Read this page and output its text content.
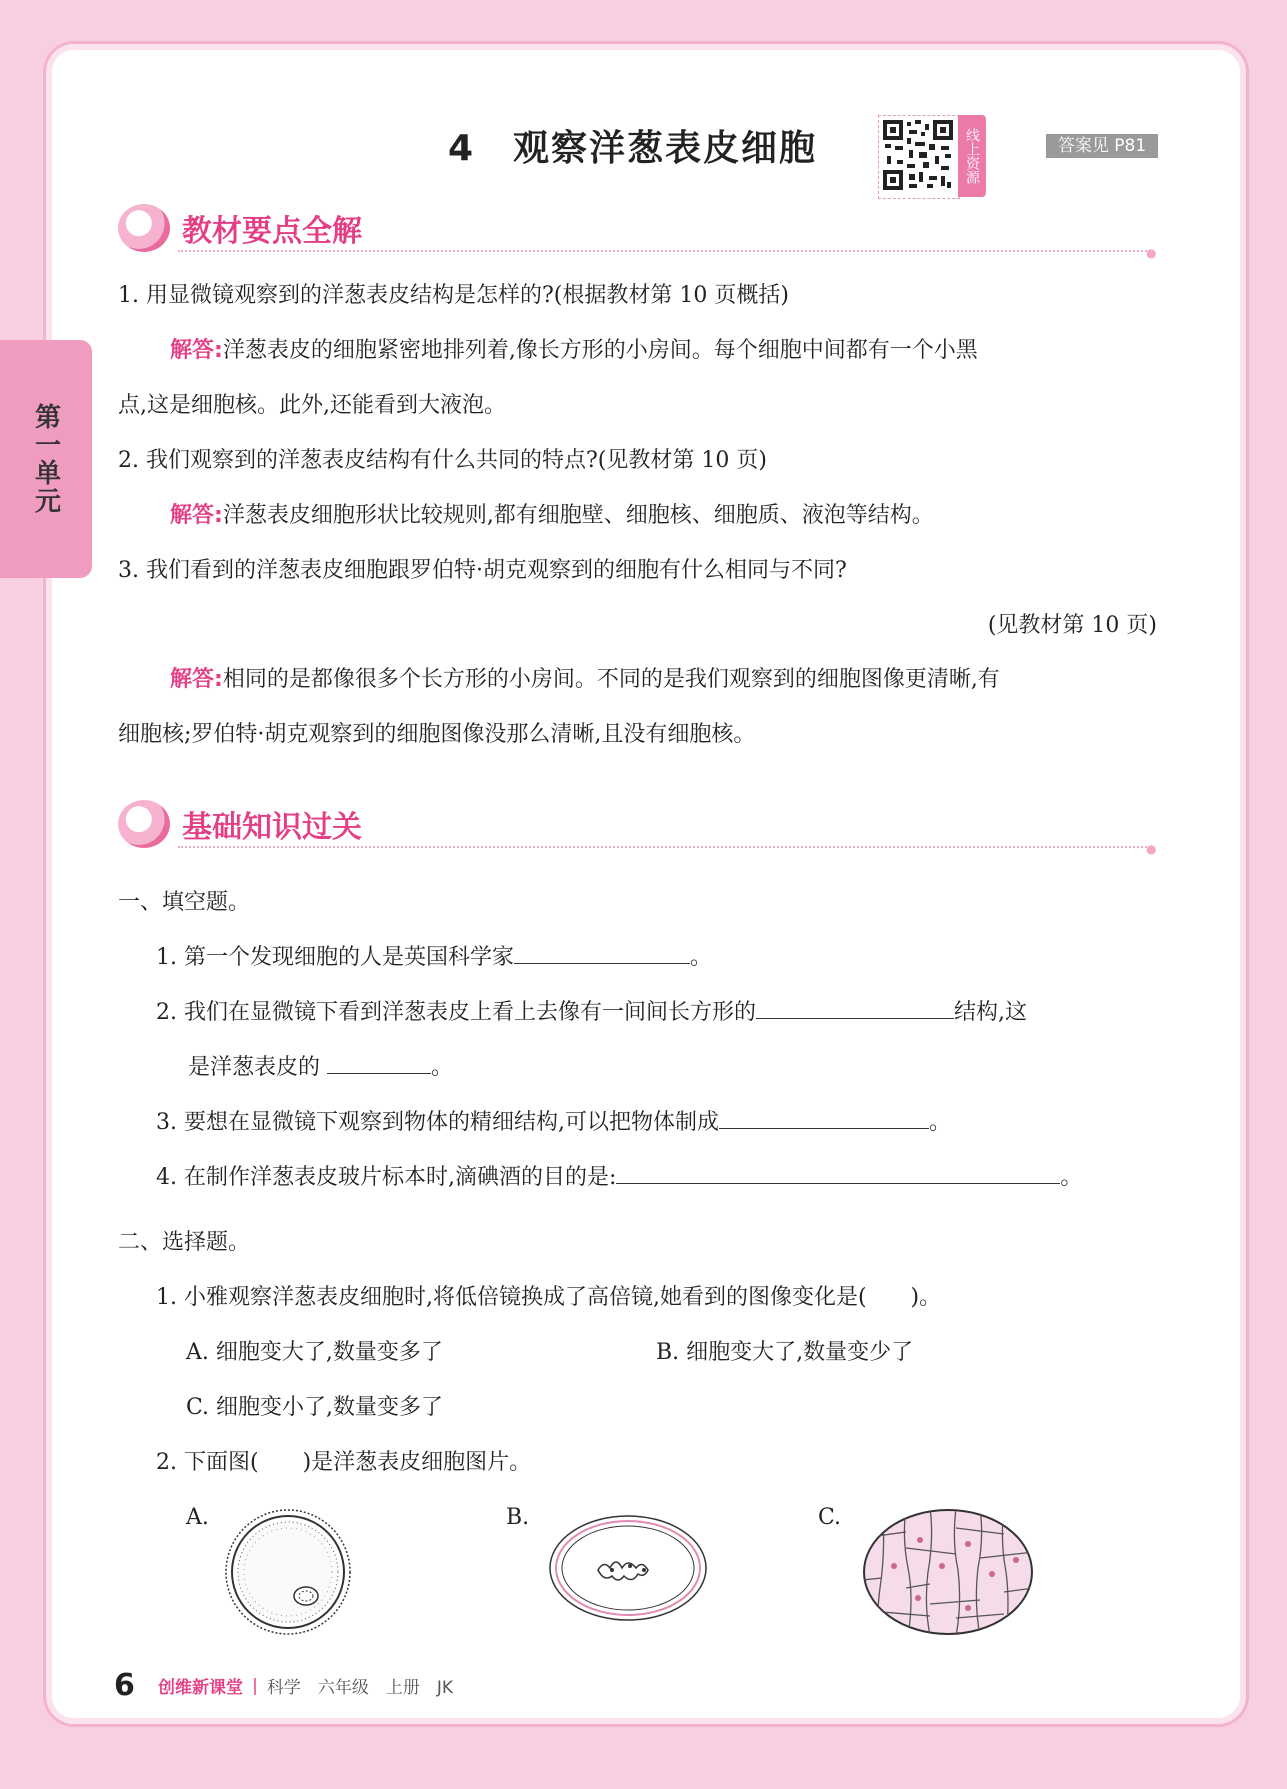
第一单元
4　观察洋葱表皮细胞	线上资源	答案见 P81
教材要点全解
●
1. 用显微镜观察到的洋葱表皮结构是怎样的?(根据教材第 10 页概括)
解答:洋葱表皮的细胞紧密地排列着,像长方形的小房间。每个细胞中间都有一个小黑
点,这是细胞核。此外,还能看到大液泡。
2. 我们观察到的洋葱表皮结构有什么共同的特点?(见教材第 10 页)
解答:洋葱表皮细胞形状比较规则,都有细胞壁、细胞核、细胞质、液泡等结构。
3. 我们看到的洋葱表皮细胞跟罗伯特·胡克观察到的细胞有什么相同与不同?
(见教材第 10 页)
解答:相同的是都像很多个长方形的小房间。不同的是我们观察到的细胞图像更清晰,有
细胞核;罗伯特·胡克观察到的细胞图像没那么清晰,且没有细胞核。
基础知识过关
●
一、填空题。
1. 第一个发现细胞的人是英国科学家	。
2. 我们在显微镜下看到洋葱表皮上看上去像有一间间长方形的	结构,这
是洋葱表皮的	。
3. 要想在显微镜下观察到物体的精细结构,可以把物体制成	。
4. 在制作洋葱表皮玻片标本时,滴碘酒的目的是:	。
二、选择题。
1. 小雅观察洋葱表皮细胞时,将低倍镜换成了高倍镜,她看到的图像变化是(　　)。
A. 细胞变大了,数量变多了	B. 细胞变大了,数量变少了
C. 细胞变小了,数量变多了
2. 下面图(　　)是洋葱表皮细胞图片。
A.	B.	C.
6 创维新课堂 | 科学　六年级　上册　JK
